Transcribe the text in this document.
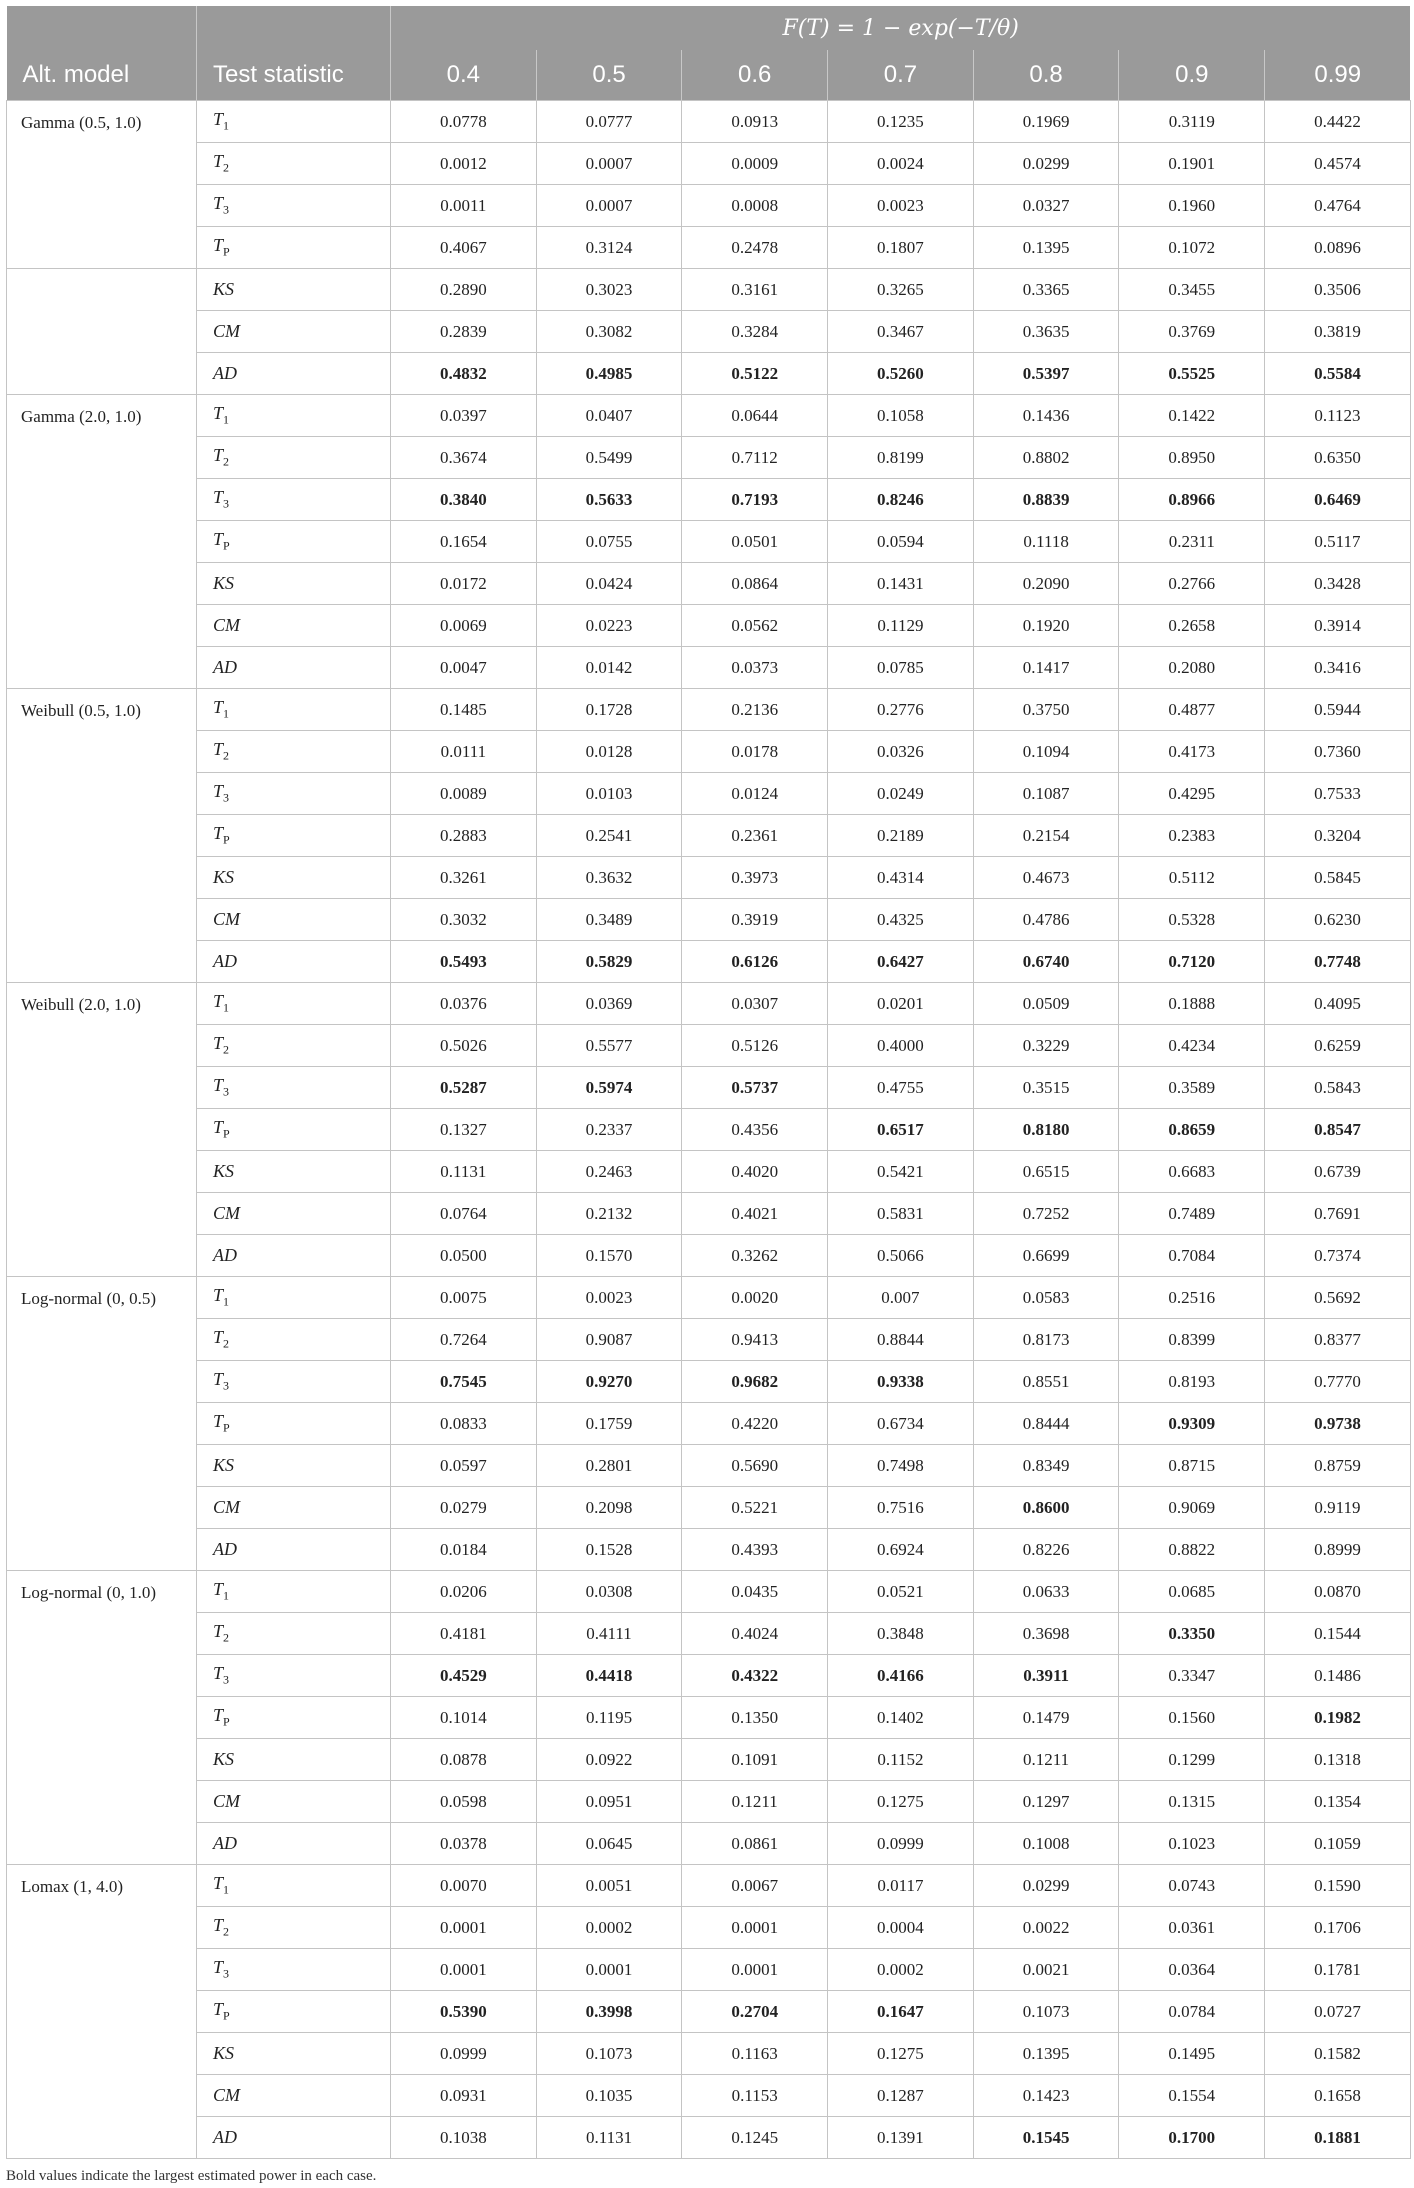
		F(T) = 1 − exp(−T/θ)						
Alt. model	Test statistic	0.4	0.5	0.6	0.7	0.8	0.9	0.99
Gamma (0.5, 1.0)	$T_1$	0.0778	0.0777	0.0913	0.1235	0.1969	0.3119	0.4422
	$T_2$	0.0012	0.0007	0.0009	0.0024	0.0299	0.1901	0.4574
	$T_3$	0.0011	0.0007	0.0008	0.0023	0.0327	0.1960	0.4764
	$T_P$	0.4067	0.3124	0.2478	0.1807	0.1395	0.1072	0.0896
	KS	0.2890	0.3023	0.3161	0.3265	0.3365	0.3455	0.3506
	CM	0.2839	0.3082	0.3284	0.3467	0.3635	0.3769	0.3819
	AD	0.4832	0.4985	0.5122	0.5260	0.5397	0.5525	0.5584
Gamma (2.0, 1.0)	$T_1$	0.0397	0.0407	0.0644	0.1058	0.1436	0.1422	0.1123
	$T_2$	0.3674	0.5499	0.7112	0.8199	0.8802	0.8950	0.6350
	$T_3$	0.3840	0.5633	0.7193	0.8246	0.8839	0.8966	0.6469
	$T_P$	0.1654	0.0755	0.0501	0.0594	0.1118	0.2311	0.5117
	KS	0.0172	0.0424	0.0864	0.1431	0.2090	0.2766	0.3428
	CM	0.0069	0.0223	0.0562	0.1129	0.1920	0.2658	0.3914
	AD	0.0047	0.0142	0.0373	0.0785	0.1417	0.2080	0.3416
Weibull (0.5, 1.0)	$T_1$	0.1485	0.1728	0.2136	0.2776	0.3750	0.4877	0.5944
	$T_2$	0.0111	0.0128	0.0178	0.0326	0.1094	0.4173	0.7360
	$T_3$	0.0089	0.0103	0.0124	0.0249	0.1087	0.4295	0.7533
	$T_P$	0.2883	0.2541	0.2361	0.2189	0.2154	0.2383	0.3204
	KS	0.3261	0.3632	0.3973	0.4314	0.4673	0.5112	0.5845
	CM	0.3032	0.3489	0.3919	0.4325	0.4786	0.5328	0.6230
	AD	0.5493	0.5829	0.6126	0.6427	0.6740	0.7120	0.7748
Weibull (2.0, 1.0)	$T_1$	0.0376	0.0369	0.0307	0.0201	0.0509	0.1888	0.4095
	$T_2$	0.5026	0.5577	0.5126	0.4000	0.3229	0.4234	0.6259
	$T_3$	0.5287	0.5974	0.5737	0.4755	0.3515	0.3589	0.5843
	$T_P$	0.1327	0.2337	0.4356	0.6517	0.8180	0.8659	0.8547
	KS	0.1131	0.2463	0.4020	0.5421	0.6515	0.6683	0.6739
	CM	0.0764	0.2132	0.4021	0.5831	0.7252	0.7489	0.7691
	AD	0.0500	0.1570	0.3262	0.5066	0.6699	0.7084	0.7374
Log-normal (0, 0.5)	$T_1$	0.0075	0.0023	0.0020	0.007	0.0583	0.2516	0.5692
	$T_2$	0.7264	0.9087	0.9413	0.8844	0.8173	0.8399	0.8377
	$T_3$	0.7545	0.9270	0.9682	0.9338	0.8551	0.8193	0.7770
	$T_P$	0.0833	0.1759	0.4220	0.6734	0.8444	0.9309	0.9738
	KS	0.0597	0.2801	0.5690	0.7498	0.8349	0.8715	0.8759
	CM	0.0279	0.2098	0.5221	0.7516	0.8600	0.9069	0.9119
	AD	0.0184	0.1528	0.4393	0.6924	0.8226	0.8822	0.8999
Log-normal (0, 1.0)	$T_1$	0.0206	0.0308	0.0435	0.0521	0.0633	0.0685	0.0870
	$T_2$	0.4181	0.4111	0.4024	0.3848	0.3698	0.3350	0.1544
	$T_3$	0.4529	0.4418	0.4322	0.4166	0.3911	0.3347	0.1486
	$T_P$	0.1014	0.1195	0.1350	0.1402	0.1479	0.1560	0.1982
	KS	0.0878	0.0922	0.1091	0.1152	0.1211	0.1299	0.1318
	CM	0.0598	0.0951	0.1211	0.1275	0.1297	0.1315	0.1354
	AD	0.0378	0.0645	0.0861	0.0999	0.1008	0.1023	0.1059
Lomax (1, 4.0)	$T_1$	0.0070	0.0051	0.0067	0.0117	0.0299	0.0743	0.1590
	$T_2$	0.0001	0.0002	0.0001	0.0004	0.0022	0.0361	0.1706
	$T_3$	0.0001	0.0001	0.0001	0.0002	0.0021	0.0364	0.1781
	$T_P$	0.5390	0.3998	0.2704	0.1647	0.1073	0.0784	0.0727
	KS	0.0999	0.1073	0.1163	0.1275	0.1395	0.1495	0.1582
	CM	0.0931	0.1035	0.1153	0.1287	0.1423	0.1554	0.1658
	AD	0.1038	0.1131	0.1245	0.1391	0.1545	0.1700	0.1881
Bold values indicate the largest estimated power in each case.
